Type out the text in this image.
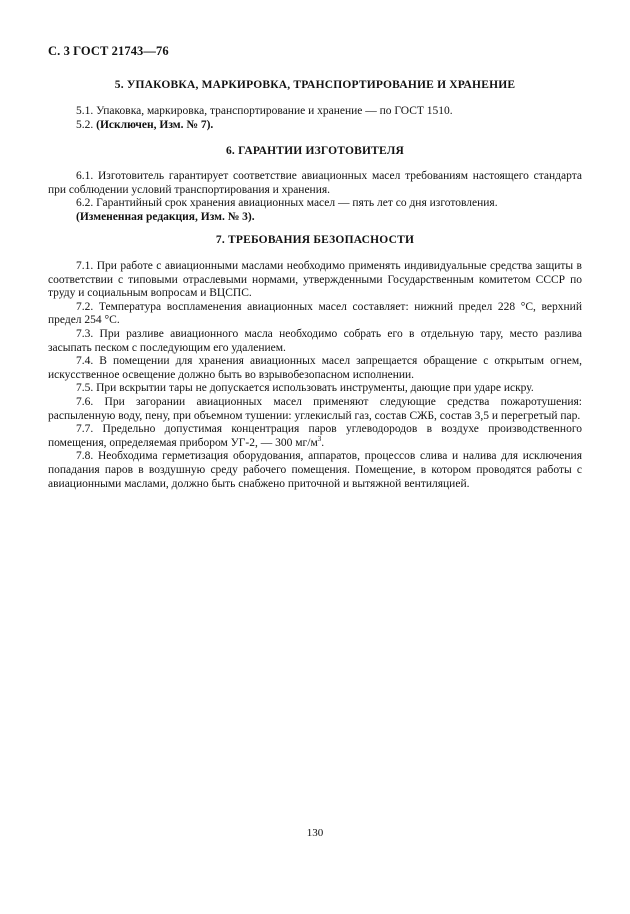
С. 3 ГОСТ 21743—76

5. УПАКОВКА, МАРКИРОВКА, ТРАНСПОРТИРОВАНИЕ И ХРАНЕНИЕ

5.1. Упаковка, маркировка, транспортирование и хранение — по ГОСТ 1510.

5.2. (Исключен, Изм. № 7).

6. ГАРАНТИИ ИЗГОТОВИТЕЛЯ

6.1. Изготовитель гарантирует соответствие авиационных масел требованиям настоящего стандарта при соблюдении условий транспортирования и хранения.

6.2. Гарантийный срок хранения авиационных масел — пять лет со дня изготовления.

(Измененная редакция, Изм. № 3).

7. ТРЕБОВАНИЯ БЕЗОПАСНОСТИ

7.1. При работе с авиационными маслами необходимо применять индивидуальные средства защиты в соответствии с типовыми отраслевыми нормами, утвержденными Государственным комитетом СССР по труду и социальным вопросам и ВЦСПС.

7.2. Температура воспламенения авиационных масел составляет: нижний предел 228 °С, верхний предел 254 °С.

7.3. При разливе авиационного масла необходимо собрать его в отдельную тару, место разлива засыпать песком с последующим его удалением.

7.4. В помещении для хранения авиационных масел запрещается обращение с открытым огнем, искусственное освещение должно быть во взрывобезопасном исполнении.

7.5. При вскрытии тары не допускается использовать инструменты, дающие при ударе искру.

7.6. При загорании авиационных масел применяют следующие средства пожаротушения: распыленную воду, пену, при объемном тушении: углекислый газ, состав СЖБ, состав 3,5 и перегретый пар.

7.7. Предельно допустимая концентрация паров углеводородов в воздухе производственного помещения, определяемая прибором УГ-2, — 300 $мг/м^3$.

7.8. Необходима герметизация оборудования, аппаратов, процессов слива и налива для исключения попадания паров в воздушную среду рабочего помещения. Помещение, в котором проводятся работы с авиационными маслами, должно быть снабжено приточной и вытяжной вентиляцией.

130
